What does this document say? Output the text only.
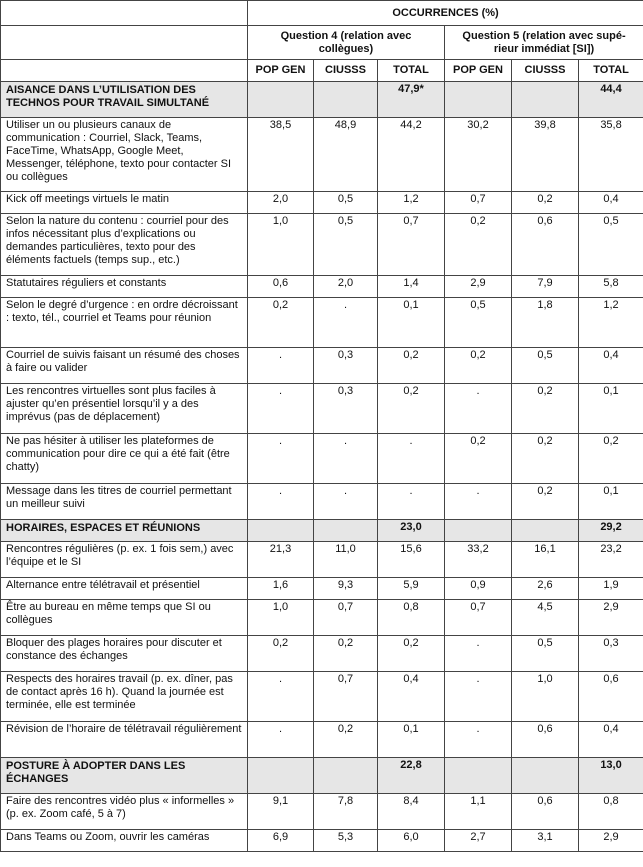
	OCCURRENCES (%)					
	Question 4 (relation avec collègues)			Question 5 (relation avec supé- rieur immédiat [SI])		
	POP GEN	CIUSSS	TOTAL	POP GEN	CIUSSS	TOTAL
AISANCE DANS L’UTILISATION DES TECHNOS POUR TRAVAIL SIMULTANÉ			47,9*			44,4
Utiliser un ou plusieurs canaux de communication : Courriel, Slack, Teams, FaceTime, WhatsApp, Google Meet, Messenger, téléphone, texto pour contacter SI ou collègues	38,5	48,9	44,2	30,2	39,8	35,8
Kick off meetings virtuels le matin	2,0	0,5	1,2	0,7	0,2	0,4
Selon la nature du contenu : courriel pour des infos nécessitant plus d’explications ou demandes particulières, texto pour des éléments factuels (temps sup., etc.)	1,0	0,5	0,7	0,2	0,6	0,5
Statutaires réguliers et constants	0,6	2,0	1,4	2,9	7,9	5,8
Selon le degré d’urgence : en ordre décroissant : texto, tél., courriel et Teams pour réunion	0,2	.	0,1	0,5	1,8	1,2
Courriel de suivis faisant un résumé des choses à faire ou valider	.	0,3	0,2	0,2	0,5	0,4
Les rencontres virtuelles sont plus faciles à ajuster qu’en présentiel lorsqu’il y a des imprévus (pas de déplacement)	.	0,3	0,2	.	0,2	0,1
Ne pas hésiter à utiliser les plateformes de communication pour dire ce qui a été fait (être chatty)	.	.	.	0,2	0,2	0,2
Message dans les titres de courriel permettant un meilleur suivi	.	.	.	.	0,2	0,1
HORAIRES, ESPACES ET RÉUNIONS			23,0			29,2
Rencontres régulières (p. ex. 1 fois sem,) avec l’équipe et le SI	21,3	11,0	15,6	33,2	16,1	23,2
Alternance entre télétravail et présentiel	1,6	9,3	5,9	0,9	2,6	1,9
Être au bureau en même temps que SI ou collègues	1,0	0,7	0,8	0,7	4,5	2,9
Bloquer des plages horaires pour discuter et constance des échanges	0,2	0,2	0,2	.	0,5	0,3
Respects des horaires travail (p. ex. dîner, pas de contact après 16 h). Quand la journée est terminée, elle est terminée	.	0,7	0,4	.	1,0	0,6
Révision de l’horaire de télétravail régulièrement	.	0,2	0,1	.	0,6	0,4
POSTURE À ADOPTER DANS LES ÉCHANGES			22,8			13,0
Faire des rencontres vidéo plus « informelles » (p. ex. Zoom café, 5 à 7)	9,1	7,8	8,4	1,1	0,6	0,8
Dans Teams ou Zoom, ouvrir les caméras	6,9	5,3	6,0	2,7	3,1	2,9
